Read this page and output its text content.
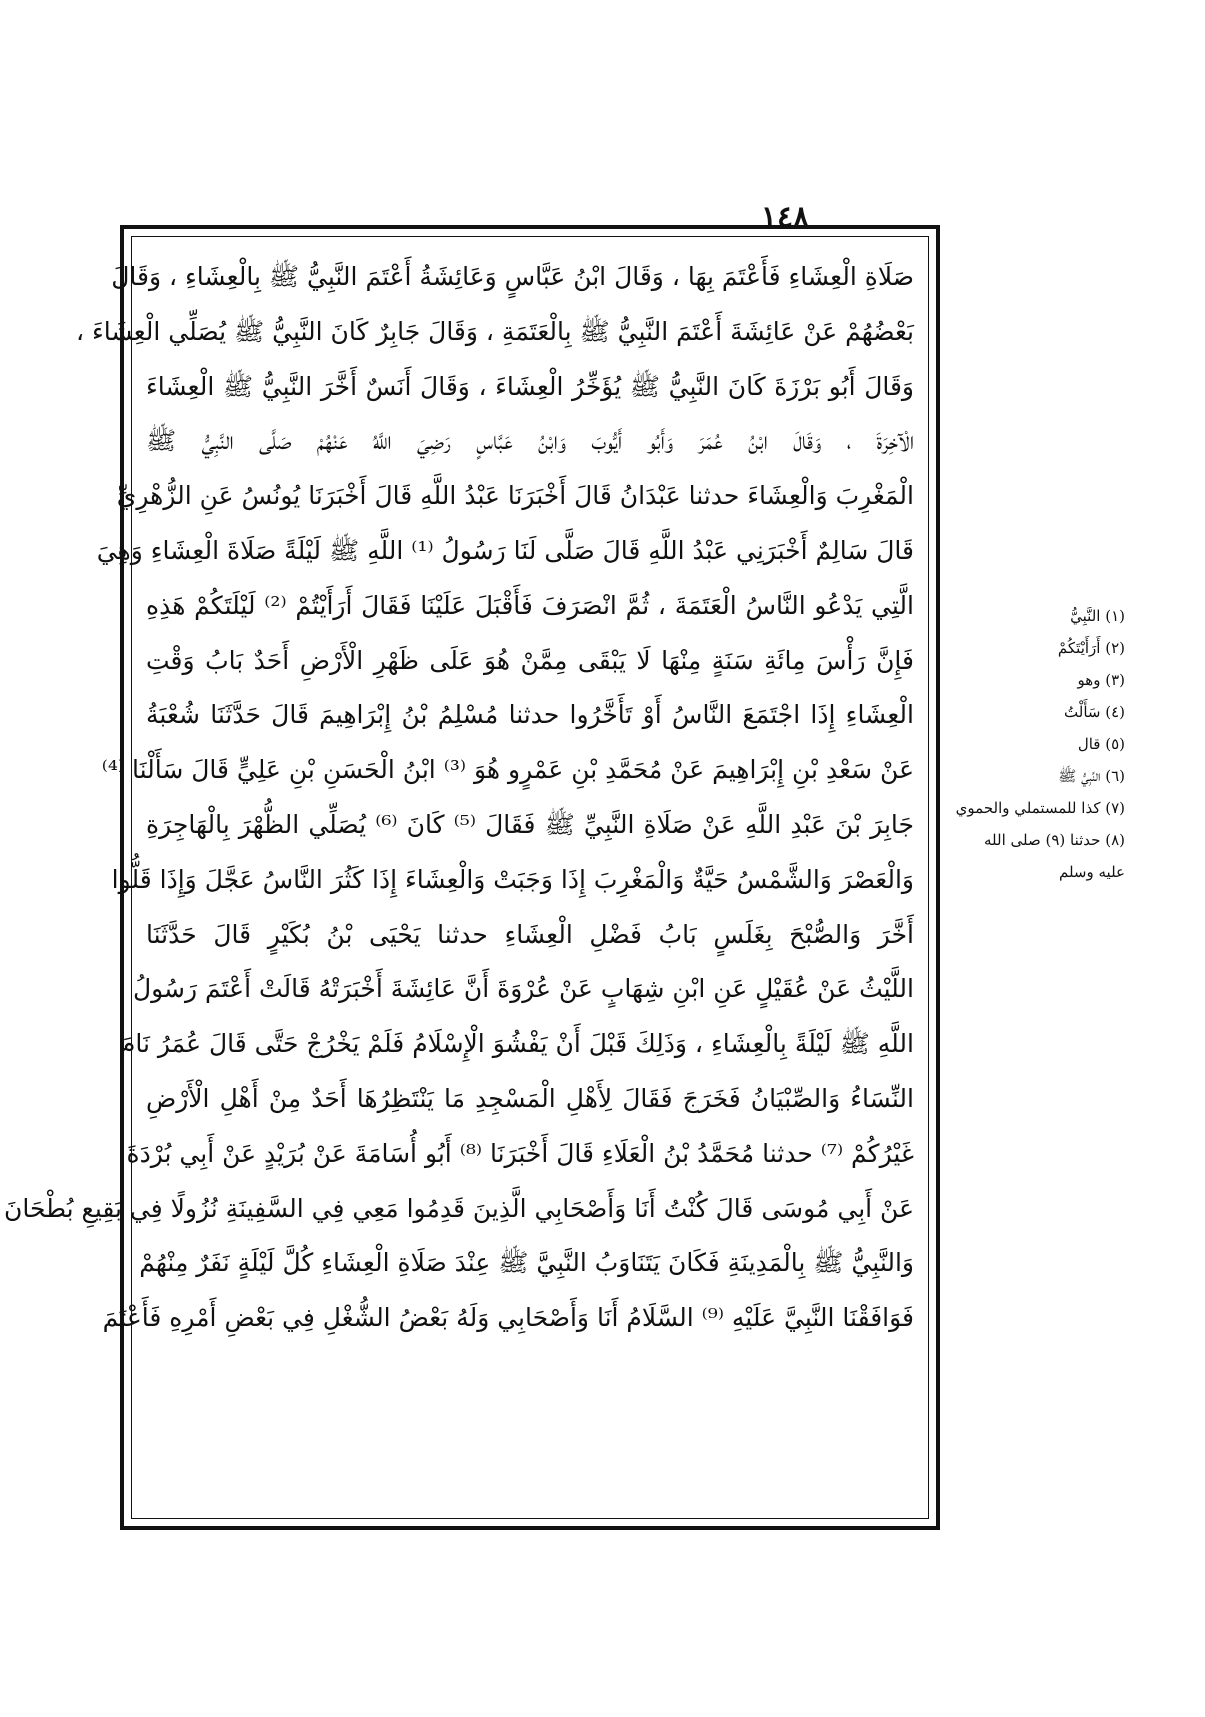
١٤٨
صَلَاةِ الْعِشَاءِ فَأَعْتَمَ بِهَا ، وَقَالَ ابْنُ عَبَّاسٍ وَعَائِشَةُ أَعْتَمَ النَّبِيُّ ﷺ بِالْعِشَاءِ ، وَقَالَ
بَعْضُهُمْ عَنْ عَائِشَةَ أَعْتَمَ النَّبِيُّ ﷺ بِالْعَتَمَةِ ، وَقَالَ جَابِرٌ كَانَ النَّبِيُّ ﷺ يُصَلِّي الْعِشَاءَ ،
وَقَالَ أَبُو بَرْزَةَ كَانَ النَّبِيُّ ﷺ يُؤَخِّرُ الْعِشَاءَ ، وَقَالَ أَنَسٌ أَخَّرَ النَّبِيُّ ﷺ الْعِشَاءَ
الْآخِرَةَ ، وَقَالَ ابْنُ عُمَرَ وَأَبُو أَيُّوبَ وَابْنُ عَبَّاسٍ رَضِيَ اللَّهُ عَنْهُمْ صَلَّى النَّبِيُّ ﷺ
الْمَغْرِبَ وَالْعِشَاءَ حدثنا عَبْدَانُ قَالَ أَخْبَرَنَا عَبْدُ اللَّهِ قَالَ أَخْبَرَنَا يُونُسُ عَنِ الزُّهْرِيِّ
قَالَ سَالِمٌ أَخْبَرَنِي عَبْدُ اللَّهِ قَالَ صَلَّى لَنَا رَسُولُ ⁽¹⁾ اللَّهِ ﷺ لَيْلَةً صَلَاةَ الْعِشَاءِ وَهِيَ
الَّتِي يَدْعُو النَّاسُ الْعَتَمَةَ ، ثُمَّ انْصَرَفَ فَأَقْبَلَ عَلَيْنَا فَقَالَ أَرَأَيْتُمْ ⁽²⁾ لَيْلَتَكُمْ هَذِهِ
فَإِنَّ رَأْسَ مِائَةِ سَنَةٍ مِنْهَا لَا يَبْقَى مِمَّنْ هُوَ عَلَى ظَهْرِ الْأَرْضِ أَحَدٌ بَابُ وَقْتِ
الْعِشَاءِ إِذَا اجْتَمَعَ النَّاسُ أَوْ تَأَخَّرُوا حدثنا مُسْلِمُ بْنُ إِبْرَاهِيمَ قَالَ حَدَّثَنَا شُعْبَةُ
عَنْ سَعْدِ بْنِ إِبْرَاهِيمَ عَنْ مُحَمَّدِ بْنِ عَمْرٍو هُوَ ⁽³⁾ ابْنُ الْحَسَنِ بْنِ عَلِيٍّ قَالَ سَأَلْنَا ⁽⁴⁾
جَابِرَ بْنَ عَبْدِ اللَّهِ عَنْ صَلَاةِ النَّبِيِّ ﷺ فَقَالَ ⁽⁵⁾ كَانَ ⁽⁶⁾ يُصَلِّي الظُّهْرَ بِالْهَاجِرَةِ
وَالْعَصْرَ وَالشَّمْسُ حَيَّةٌ وَالْمَغْرِبَ إِذَا وَجَبَتْ وَالْعِشَاءَ إِذَا كَثُرَ النَّاسُ عَجَّلَ وَإِذَا قَلُّوا
أَخَّرَ وَالصُّبْحَ بِغَلَسٍ بَابُ فَضْلِ الْعِشَاءِ حدثنا يَحْيَى بْنُ بُكَيْرٍ قَالَ حَدَّثَنَا
اللَّيْثُ عَنْ عُقَيْلٍ عَنِ ابْنِ شِهَابٍ عَنْ عُرْوَةَ أَنَّ عَائِشَةَ أَخْبَرَتْهُ قَالَتْ أَعْتَمَ رَسُولُ
اللَّهِ ﷺ لَيْلَةً بِالْعِشَاءِ ، وَذَلِكَ قَبْلَ أَنْ يَفْشُوَ الْإِسْلَامُ فَلَمْ يَخْرُجْ حَتَّى قَالَ عُمَرُ نَامَ
النِّسَاءُ وَالصِّبْيَانُ فَخَرَجَ فَقَالَ لِأَهْلِ الْمَسْجِدِ مَا يَنْتَظِرُهَا أَحَدٌ مِنْ أَهْلِ الْأَرْضِ
غَيْرُكُمْ ⁽⁷⁾ حدثنا مُحَمَّدُ بْنُ الْعَلَاءِ قَالَ أَخْبَرَنَا ⁽⁸⁾ أَبُو أُسَامَةَ عَنْ بُرَيْدٍ عَنْ أَبِي بُرْدَةَ
عَنْ أَبِي مُوسَى قَالَ كُنْتُ أَنَا وَأَصْحَابِي الَّذِينَ قَدِمُوا مَعِي فِي السَّفِينَةِ نُزُولًا فِي بَقِيعِ بُطْحَانَ
وَالنَّبِيُّ ﷺ بِالْمَدِينَةِ فَكَانَ يَتَنَاوَبُ النَّبِيَّ ﷺ عِنْدَ صَلَاةِ الْعِشَاءِ كُلَّ لَيْلَةٍ نَفَرٌ مِنْهُمْ
فَوَافَقْنَا النَّبِيَّ عَلَيْهِ ⁽⁹⁾ السَّلَامُ أَنَا وَأَصْحَابِي وَلَهُ بَعْضُ الشُّغْلِ فِي بَعْضِ أَمْرِهِ فَأَعْتَمَ
(١) النَّبِيُّ
(٢) أَرَأَيْتَكُمْ
(٣) وهو
(٤) سَأَلْتُ
(٥) قال
(٦) النَّبِيُّ ﷺ
(٧) كذا للمستملي والحموي
(٨) حدثنا (٩) صلى الله
عليه وسلم
